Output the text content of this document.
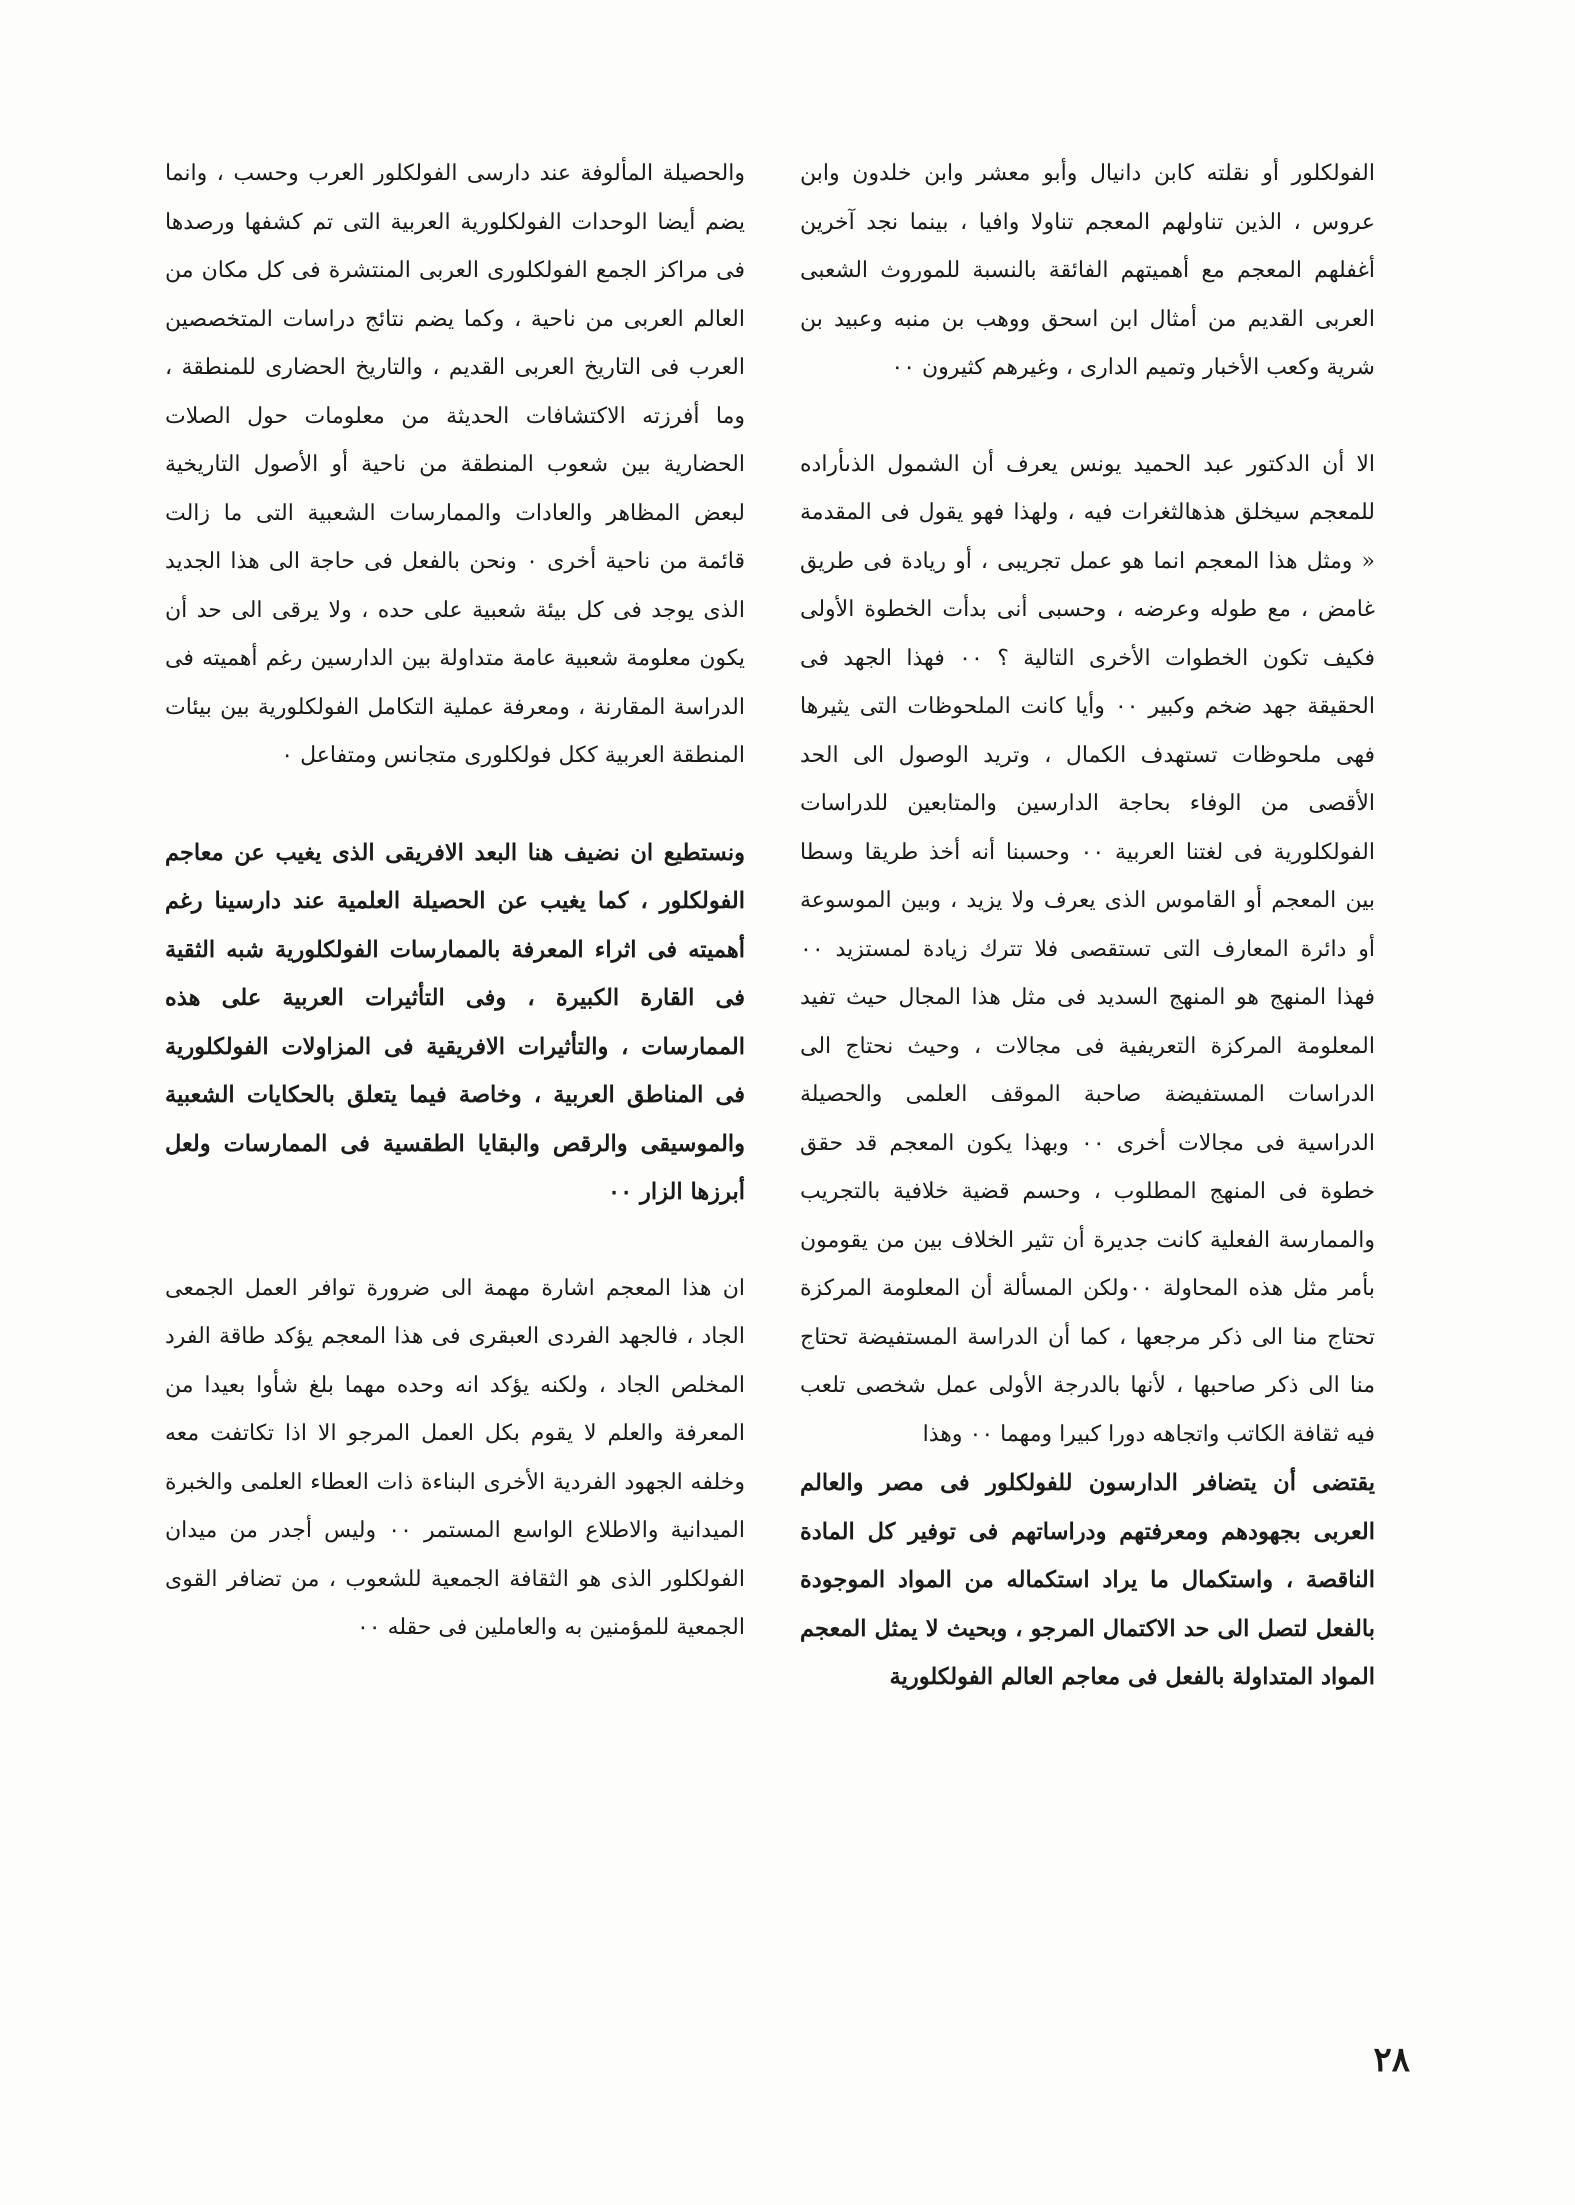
الفولكلور أو نقلته كابن دانيال وأبو معشر وابن خلدون وابن عروس ، الذين تناولهم المعجم تناولا وافيا ، بينما نجد آخرين أغفلهم المعجم مع أهميتهم الفائقة بالنسبة للموروث الشعبى العربى القديم من أمثال ابن اسحق ووهب بن منبه وعبيد بن شرية وكعب الأخبار وتميم الدارى ، وغيرهم كثيرون ٠٠

الا أن الدكتور عبد الحميد يونس يعرف أن الشمول الذىأراده للمعجم سيخلق هذهالثغرات فيه ، ولهذا فهو يقول فى المقدمة « ومثل هذا المعجم انما هو عمل تجريبى ، أو ريادة فى طريق غامض ، مع طوله وعرضه ، وحسبى أنى بدأت الخطوة الأولى فكيف تكون الخطوات الأخرى التالية ؟ ٠٠ فهذا الجهد فى الحقيقة جهد ضخم وكبير ٠٠ وأيا كانت الملحوظات التى يثيرها فهى ملحوظات تستهدف الكمال ، وتريد الوصول الى الحد الأقصى من الوفاء بحاجة الدارسين والمتابعين للدراسات الفولكلورية فى لغتنا العربية ٠٠ وحسبنا أنه أخذ طريقا وسطا بين المعجم أو القاموس الذى يعرف ولا يزيد ، وبين الموسوعة أو دائرة المعارف التى تستقصى فلا تترك زيادة لمستزيد ٠٠ فهذا المنهج هو المنهج السديد فى مثل هذا المجال حيث تفيد المعلومة المركزة التعريفية فى مجالات ، وحيث نحتاج الى الدراسات المستفيضة صاحبة الموقف العلمى والحصيلة الدراسية فى مجالات أخرى ٠٠ وبهذا يكون المعجم قد حقق خطوة فى المنهج المطلوب ، وحسم قضية خلافية بالتجريب والممارسة الفعلية كانت جديرة أن تثير الخلاف بين من يقومون بأمر مثل هذه المحاولة ٠٠ولكن المسألة أن المعلومة المركزة تحتاج منا الى ذكر مرجعها ، كما أن الدراسة المستفيضة تحتاج منا الى ذكر صاحبها ، لأنها بالدرجة الأولى عمل شخصى تلعب فيه ثقافة الكاتب واتجاهه دورا كبيرا ومهما ٠٠ وهذا

يقتضى أن يتضافر الدارسون للفولكلور فى مصر والعالم العربى بجهودهم ومعرفتهم ودراساتهم فى توفير كل المادة الناقصة ، واستكمال ما يراد استكماله من المواد الموجودة بالفعل لتصل الى حد الاكتمال المرجو ، وبحيث لا يمثل المعجم المواد المتداولة بالفعل فى معاجم العالم الفولكلورية

والحصيلة المألوفة عند دارسى الفولكلور العرب وحسب ، وانما يضم أيضا الوحدات الفولكلورية العربية التى تم كشفها ورصدها فى مراكز الجمع الفولكلورى العربى المنتشرة فى كل مكان من العالم العربى من ناحية ، وكما يضم نتائج دراسات المتخصصين العرب فى التاريخ العربى القديم ، والتاريخ الحضارى للمنطقة ، وما أفرزته الاكتشافات الحديثة من معلومات حول الصلات الحضارية بين شعوب المنطقة من ناحية أو الأصول التاريخية لبعض المظاهر والعادات والممارسات الشعبية التى ما زالت قائمة من ناحية أخرى ٠ ونحن بالفعل فى حاجة الى هذا الجديد الذى يوجد فى كل بيئة شعبية على حده ، ولا يرقى الى حد أن يكون معلومة شعبية عامة متداولة بين الدارسين رغم أهميته فى الدراسة المقارنة ، ومعرفة عملية التكامل الفولكلورية بين بيئات المنطقة العربية ككل فولكلورى متجانس ومتفاعل ٠

ونستطيع ان نضيف هنا البعد الافريقى الذى يغيب عن معاجم الفولكلور ، كما يغيب عن الحصيلة العلمية عند دارسينا رغم أهميته فى اثراء المعرفة بالممارسات الفولكلورية شبه الثقية فى القارة الكبيرة ، وفى التأثيرات العربية على هذه الممارسات ، والتأثيرات الافريقية فى المزاولات الفولكلورية فى المناطق العربية ، وخاصة فيما يتعلق بالحكايات الشعبية والموسيقى والرقص والبقايا الطقسية فى الممارسات ولعل أبرزها الزار ٠٠

ان هذا المعجم اشارة مهمة الى ضرورة توافر العمل الجمعى الجاد ، فالجهد الفردى العبقرى فى هذا المعجم يؤكد طاقة الفرد المخلص الجاد ، ولكنه يؤكد انه وحده مهما بلغ شأوا بعيدا من المعرفة والعلم لا يقوم بكل العمل المرجو الا اذا تكاتفت معه وخلفه الجهود الفردية الأخرى البناءة ذات العطاء العلمى والخبرة الميدانية والاطلاع الواسع المستمر ٠٠ وليس أجدر من ميدان الفولكلور الذى هو الثقافة الجمعية للشعوب ، من تضافر القوى الجمعية للمؤمنين به والعاملين فى حقله ٠٠

٢٨
